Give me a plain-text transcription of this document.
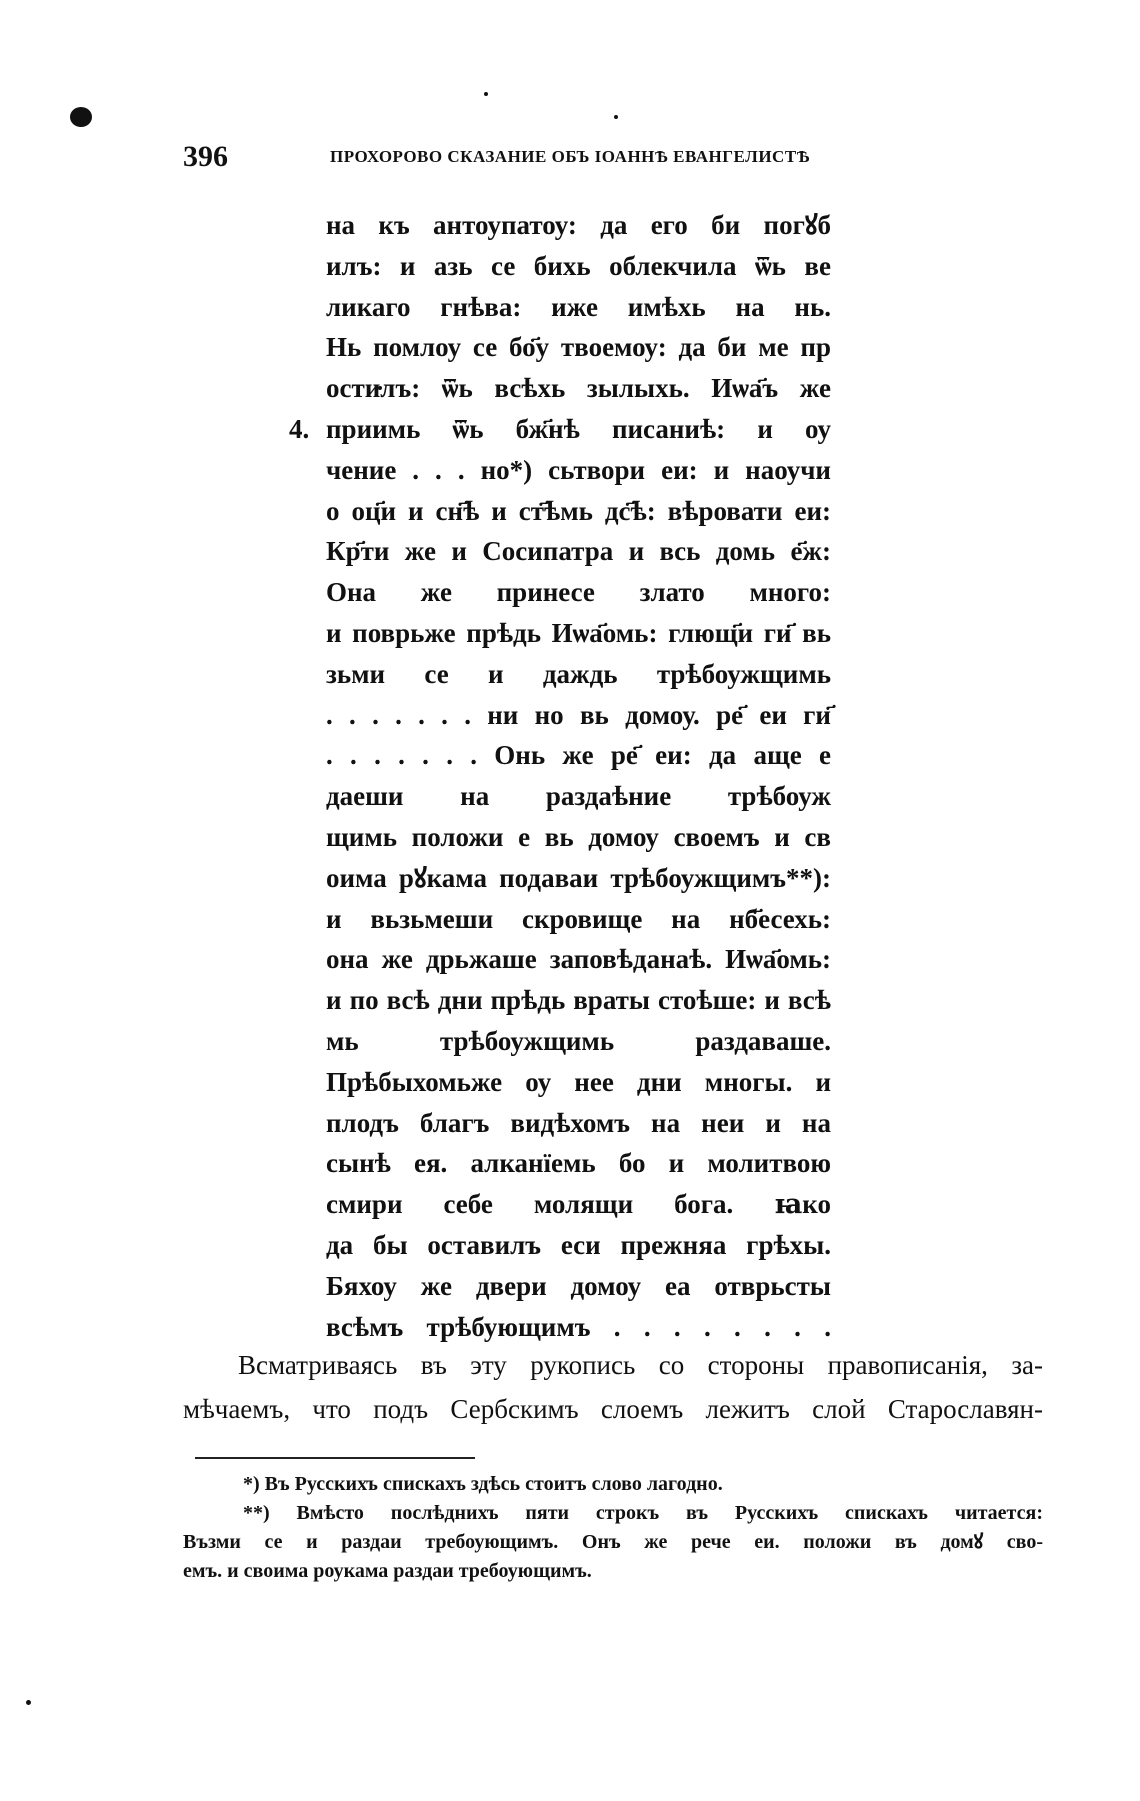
396	ПРОХОРОВО СКАЗАНИЕ ОБЪ ІОАННѢ ЕВАНГЕЛИСТѢ
на къ антоупатоу: да его би погꙋб
илъ: и азь се бихь облекчила ѿь ве
ликаго гнѣва: иже имѣхь на нь.
Нь помлоу се бо҃у твоемоу: да би ме пр
остилъ: ѿь всѣхь зылыхь. Иѡа҃ъ же
4. приимь ѿь бж҃нѣ писаниѣ: и оу
чение . . . но*) сьтвори еи: и наоучи
о оц҃и и сн҃ѣ и ст҃ѣмь дс҃ѣ: вѣровати еи:
Кр҃ти же и Сосипатра и вcь домь е҃ж:
Она же принесе злато много:
и поврьже прѣдь Иѡа҃омь: глющ҃и ги҃ вь
зьми се и даждь трѣбоужщимь
. . . . . . . ни но вь домоу. ре҃ еи ги҃
. . . . . . . Онь же ре҃ еи: да аще е
даеши на раздаѣние трѣбоуж
щимь положи е вь домоу своемъ и св
оима рꙋкама подаваи трѣбоужщимъ**):
и вьзьмеши скровище на нб҃есехь:
она же дрьжаше заповѣданаѣ. Иѡа҃омь:
и по всѣ дни прѣдь враты стоѣше: и всѣ
мь трѣбоужщимь раздаваше.
Прѣбыхомьже оу нее дни многы. и
плодъ благъ видѣхомъ на неи и на
сынѣ ея. алканїемь бо и молитвою
смири себе молящи бога. ꙗко
да бы оставилъ еси прежняа грѣхы.
Бяхоу же двери домоу еа отврьсты
всѣмъ трѣбующимъ . . . . . . . .
Всматриваясь въ эту рукопись со стороны правописанія, за-
мѣчаемъ, что подъ Сербскимъ слоемъ лежитъ слой Старославян-
*) Въ Русскихъ спискахъ здѣсь стоитъ слово лагодно.
**) Вмѣсто послѣднихъ пяти строкъ въ Русскихъ спискахъ читается:
Възми се и раздаи требоующимъ. Онъ же рече еи. положи въ домꙋ сво-
емъ. и своима роукама раздаи требоующимъ.
